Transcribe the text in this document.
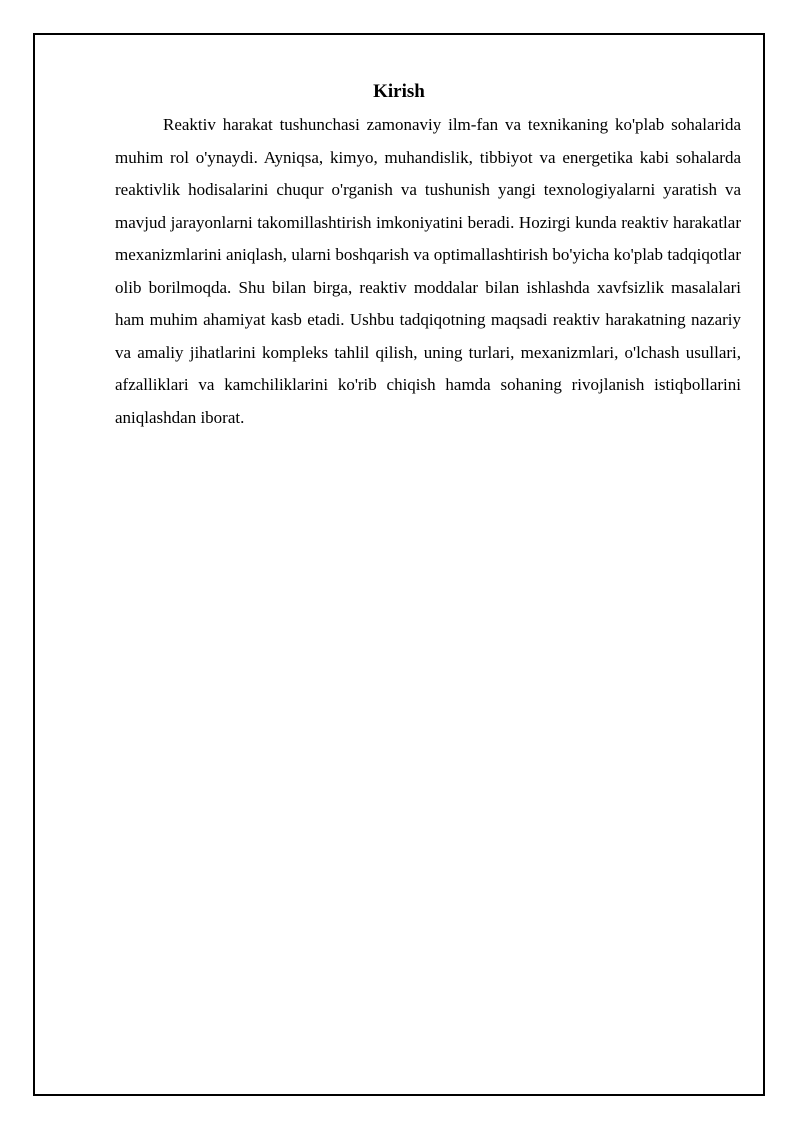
Kirish

Reaktiv harakat tushunchasi zamonaviy ilm-fan va texnikaning ko'plab sohalarida muhim rol o'ynaydi. Ayniqsa, kimyo, muhandislik, tibbiyot va energetika kabi sohalarda reaktivlik hodisalarini chuqur o'rganish va tushunish yangi texnologiyalarni yaratish va mavjud jarayonlarni takomillashtirish imkoniyatini beradi. Hozirgi kunda reaktiv harakatlar mexanizmlarini aniqlash, ularni boshqarish va optimallashtirish bo'yicha ko'plab tadqiqotlar olib borilmoqda. Shu bilan birga, reaktiv moddalar bilan ishlashda xavfsizlik masalalari ham muhim ahamiyat kasb etadi. Ushbu tadqiqotning maqsadi reaktiv harakatning nazariy va amaliy jihatlarini kompleks tahlil qilish, uning turlari, mexanizmlari, o'lchash usullari, afzalliklari va kamchiliklarini ko'rib chiqish hamda sohaning rivojlanish istiqbollarini aniqlashdan iborat.
